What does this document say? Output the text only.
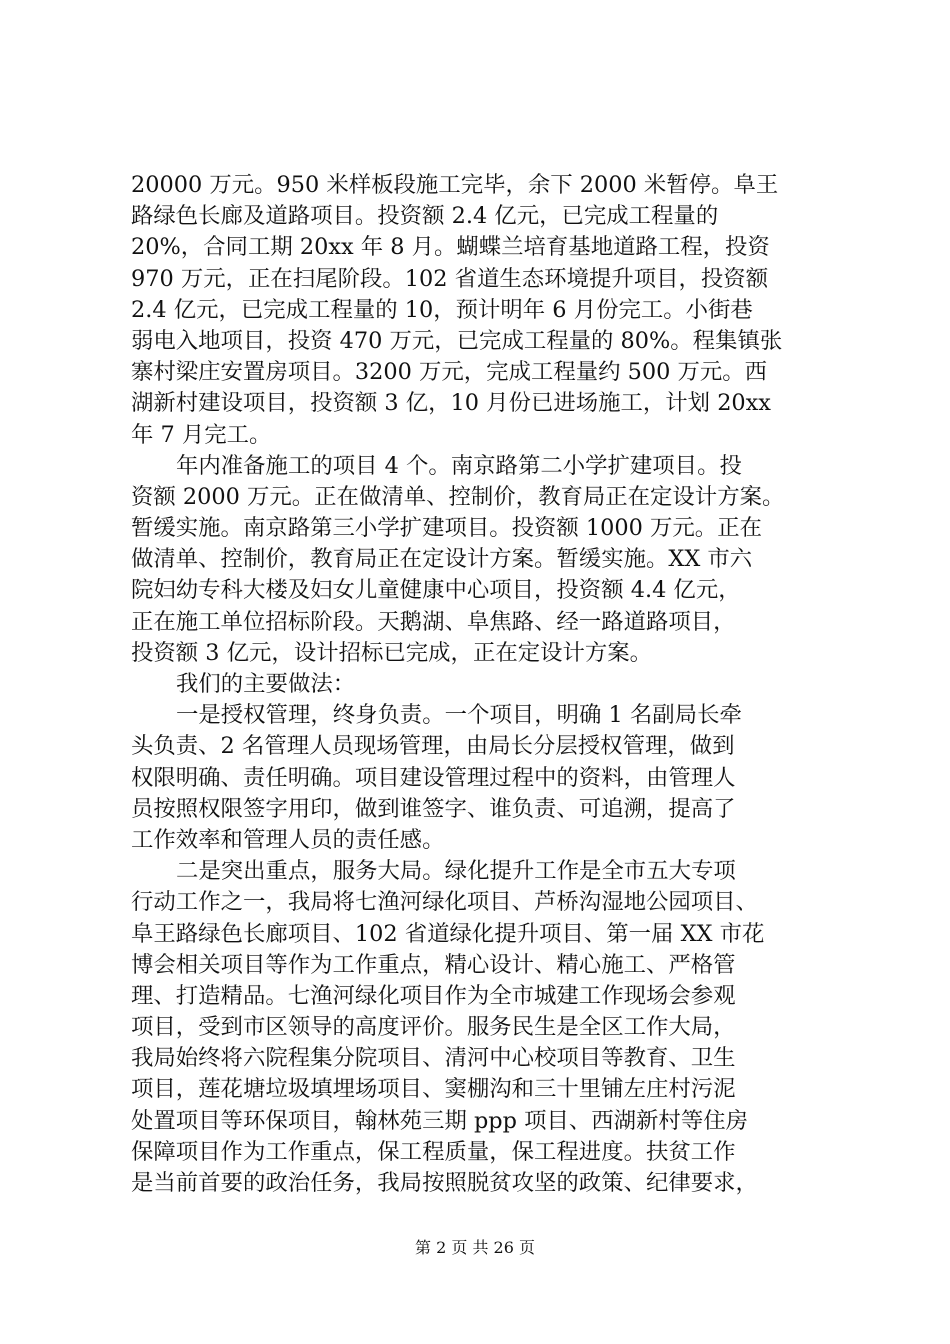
20000 万元。950 米样板段施工完毕，余下 2000 米暂停。阜王
路绿色长廊及道路项目。投资额 2.4 亿元，已完成工程量的
20%，合同工期 20xx 年 8 月。蝴蝶兰培育基地道路工程，投资
970 万元，正在扫尾阶段。102 省道生态环境提升项目，投资额
2.4 亿元，已完成工程量的 10，预计明年 6 月份完工。小街巷
弱电入地项目，投资 470 万元，已完成工程量的 80%。程集镇张
寨村梁庄安置房项目。3200 万元，完成工程量约 500 万元。西
湖新村建设项目，投资额 3 亿，10 月份已进场施工，计划 20xx
年 7 月完工。
年内准备施工的项目 4 个。南京路第二小学扩建项目。投
资额 2000 万元。正在做清单、控制价，教育局正在定设计方案。
暂缓实施。南京路第三小学扩建项目。投资额 1000 万元。正在
做清单、控制价，教育局正在定设计方案。暂缓实施。XX 市六
院妇幼专科大楼及妇女儿童健康中心项目，投资额 4.4 亿元，
正在施工单位招标阶段。天鹅湖、阜焦路、经一路道路项目，
投资额 3 亿元，设计招标已完成，正在定设计方案。
我们的主要做法：
一是授权管理，终身负责。一个项目，明确 1 名副局长牵
头负责、2 名管理人员现场管理，由局长分层授权管理，做到
权限明确、责任明确。项目建设管理过程中的资料，由管理人
员按照权限签字用印，做到谁签字、谁负责、可追溯，提高了
工作效率和管理人员的责任感。
二是突出重点，服务大局。绿化提升工作是全市五大专项
行动工作之一，我局将七渔河绿化项目、芦桥沟湿地公园项目、
阜王路绿色长廊项目、102 省道绿化提升项目、第一届 XX 市花
博会相关项目等作为工作重点，精心设计、精心施工、严格管
理、打造精品。七渔河绿化项目作为全市城建工作现场会参观
项目，受到市区领导的高度评价。服务民生是全区工作大局，
我局始终将六院程集分院项目、清河中心校项目等教育、卫生
项目，莲花塘垃圾填埋场项目、窦棚沟和三十里铺左庄村污泥
处置项目等环保项目，翰林苑三期 ppp 项目、西湖新村等住房
保障项目作为工作重点，保工程质量，保工程进度。扶贫工作
是当前首要的政治任务，我局按照脱贫攻坚的政策、纪律要求，
第 2 页 共 26 页
